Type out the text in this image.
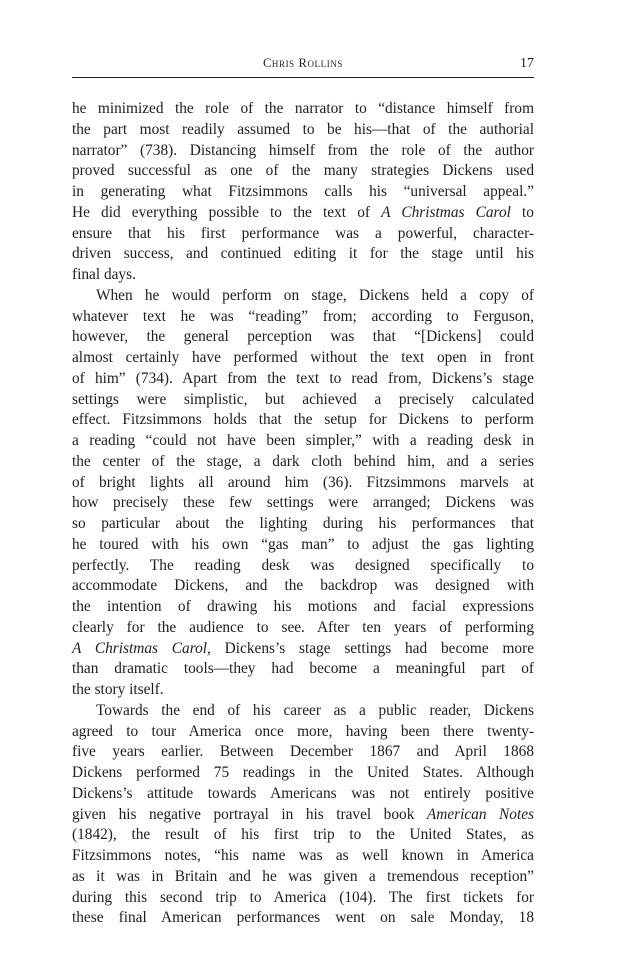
Chris Rollins	17
he minimized the role of the narrator to “distance himself from
the part most readily assumed to be his—that of the authorial
narrator” (738). Distancing himself from the role of the author
proved successful as one of the many strategies Dickens used
in generating what Fitzsimmons calls his “universal appeal.”
He did everything possible to the text of A Christmas Carol to
ensure that his first performance was a powerful, character-
driven success, and continued editing it for the stage until his
final days.
When he would perform on stage, Dickens held a copy of
whatever text he was “reading” from; according to Ferguson,
however, the general perception was that “[Dickens] could
almost certainly have performed without the text open in front
of him” (734). Apart from the text to read from, Dickens’s stage
settings were simplistic, but achieved a precisely calculated
effect. Fitzsimmons holds that the setup for Dickens to perform
a reading “could not have been simpler,” with a reading desk in
the center of the stage, a dark cloth behind him, and a series
of bright lights all around him (36). Fitzsimmons marvels at
how precisely these few settings were arranged; Dickens was
so particular about the lighting during his performances that
he toured with his own “gas man” to adjust the gas lighting
perfectly. The reading desk was designed specifically to
accommodate Dickens, and the backdrop was designed with
the intention of drawing his motions and facial expressions
clearly for the audience to see. After ten years of performing
A Christmas Carol, Dickens’s stage settings had become more
than dramatic tools—they had become a meaningful part of
the story itself.
Towards the end of his career as a public reader, Dickens
agreed to tour America once more, having been there twenty-
five years earlier. Between December 1867 and April 1868
Dickens performed 75 readings in the United States. Although
Dickens’s attitude towards Americans was not entirely positive
given his negative portrayal in his travel book American Notes
(1842), the result of his first trip to the United States, as
Fitzsimmons notes, “his name was as well known in America
as it was in Britain and he was given a tremendous reception”
during this second trip to America (104). The first tickets for
these final American performances went on sale Monday, 18
